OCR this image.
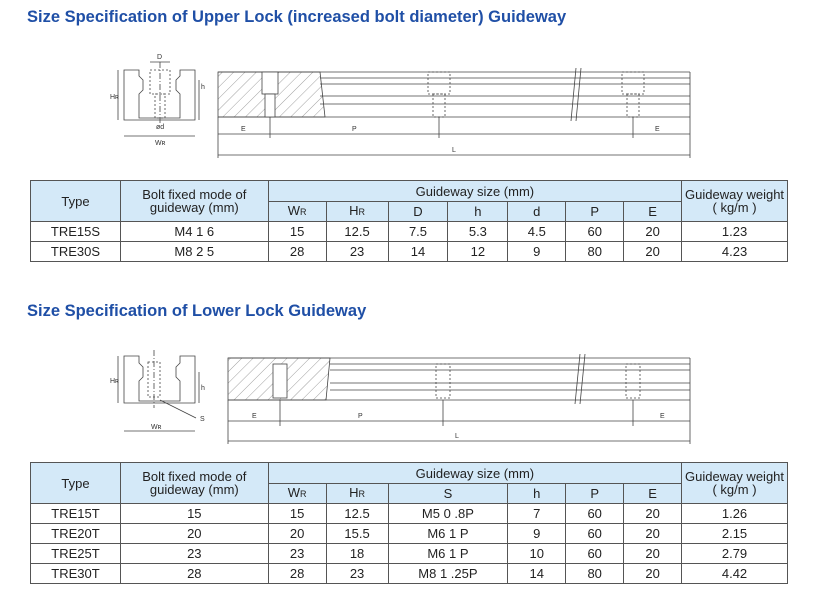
Size Specification of Upper Lock (increased bolt diameter) Guideway
D
Hʀ
h
ød
Wʀ
E	P	E
L
Hʀ
h
S
Wʀ
E	P	E
L
Type	Bolt fixed mode of guideway (mm)	Guideway size (mm)							Guideway weight ( kg/m )
		WR	HR	D	h	d	P	E	
TRE15S	M4 1 6	15	12.5	7.5	5.3	4.5	60	20	1.23
TRE30S	M8 2 5	28	23	14	12	9	80	20	4.23
Size Specification of Lower Lock Guideway
Type	Bolt fixed mode of guideway (mm)	Guideway size (mm)						Guideway weight ( kg/m )
		WR	HR	S	h	P	E	
TRE15T	15	15	12.5	M5 0 .8P	7	60	20	1.26
TRE20T	20	20	15.5	M6 1 P	9	60	20	2.15
TRE25T	23	23	18	M6 1 P	10	60	20	2.79
TRE30T	28	28	23	M8 1 .25P	14	80	20	4.42
